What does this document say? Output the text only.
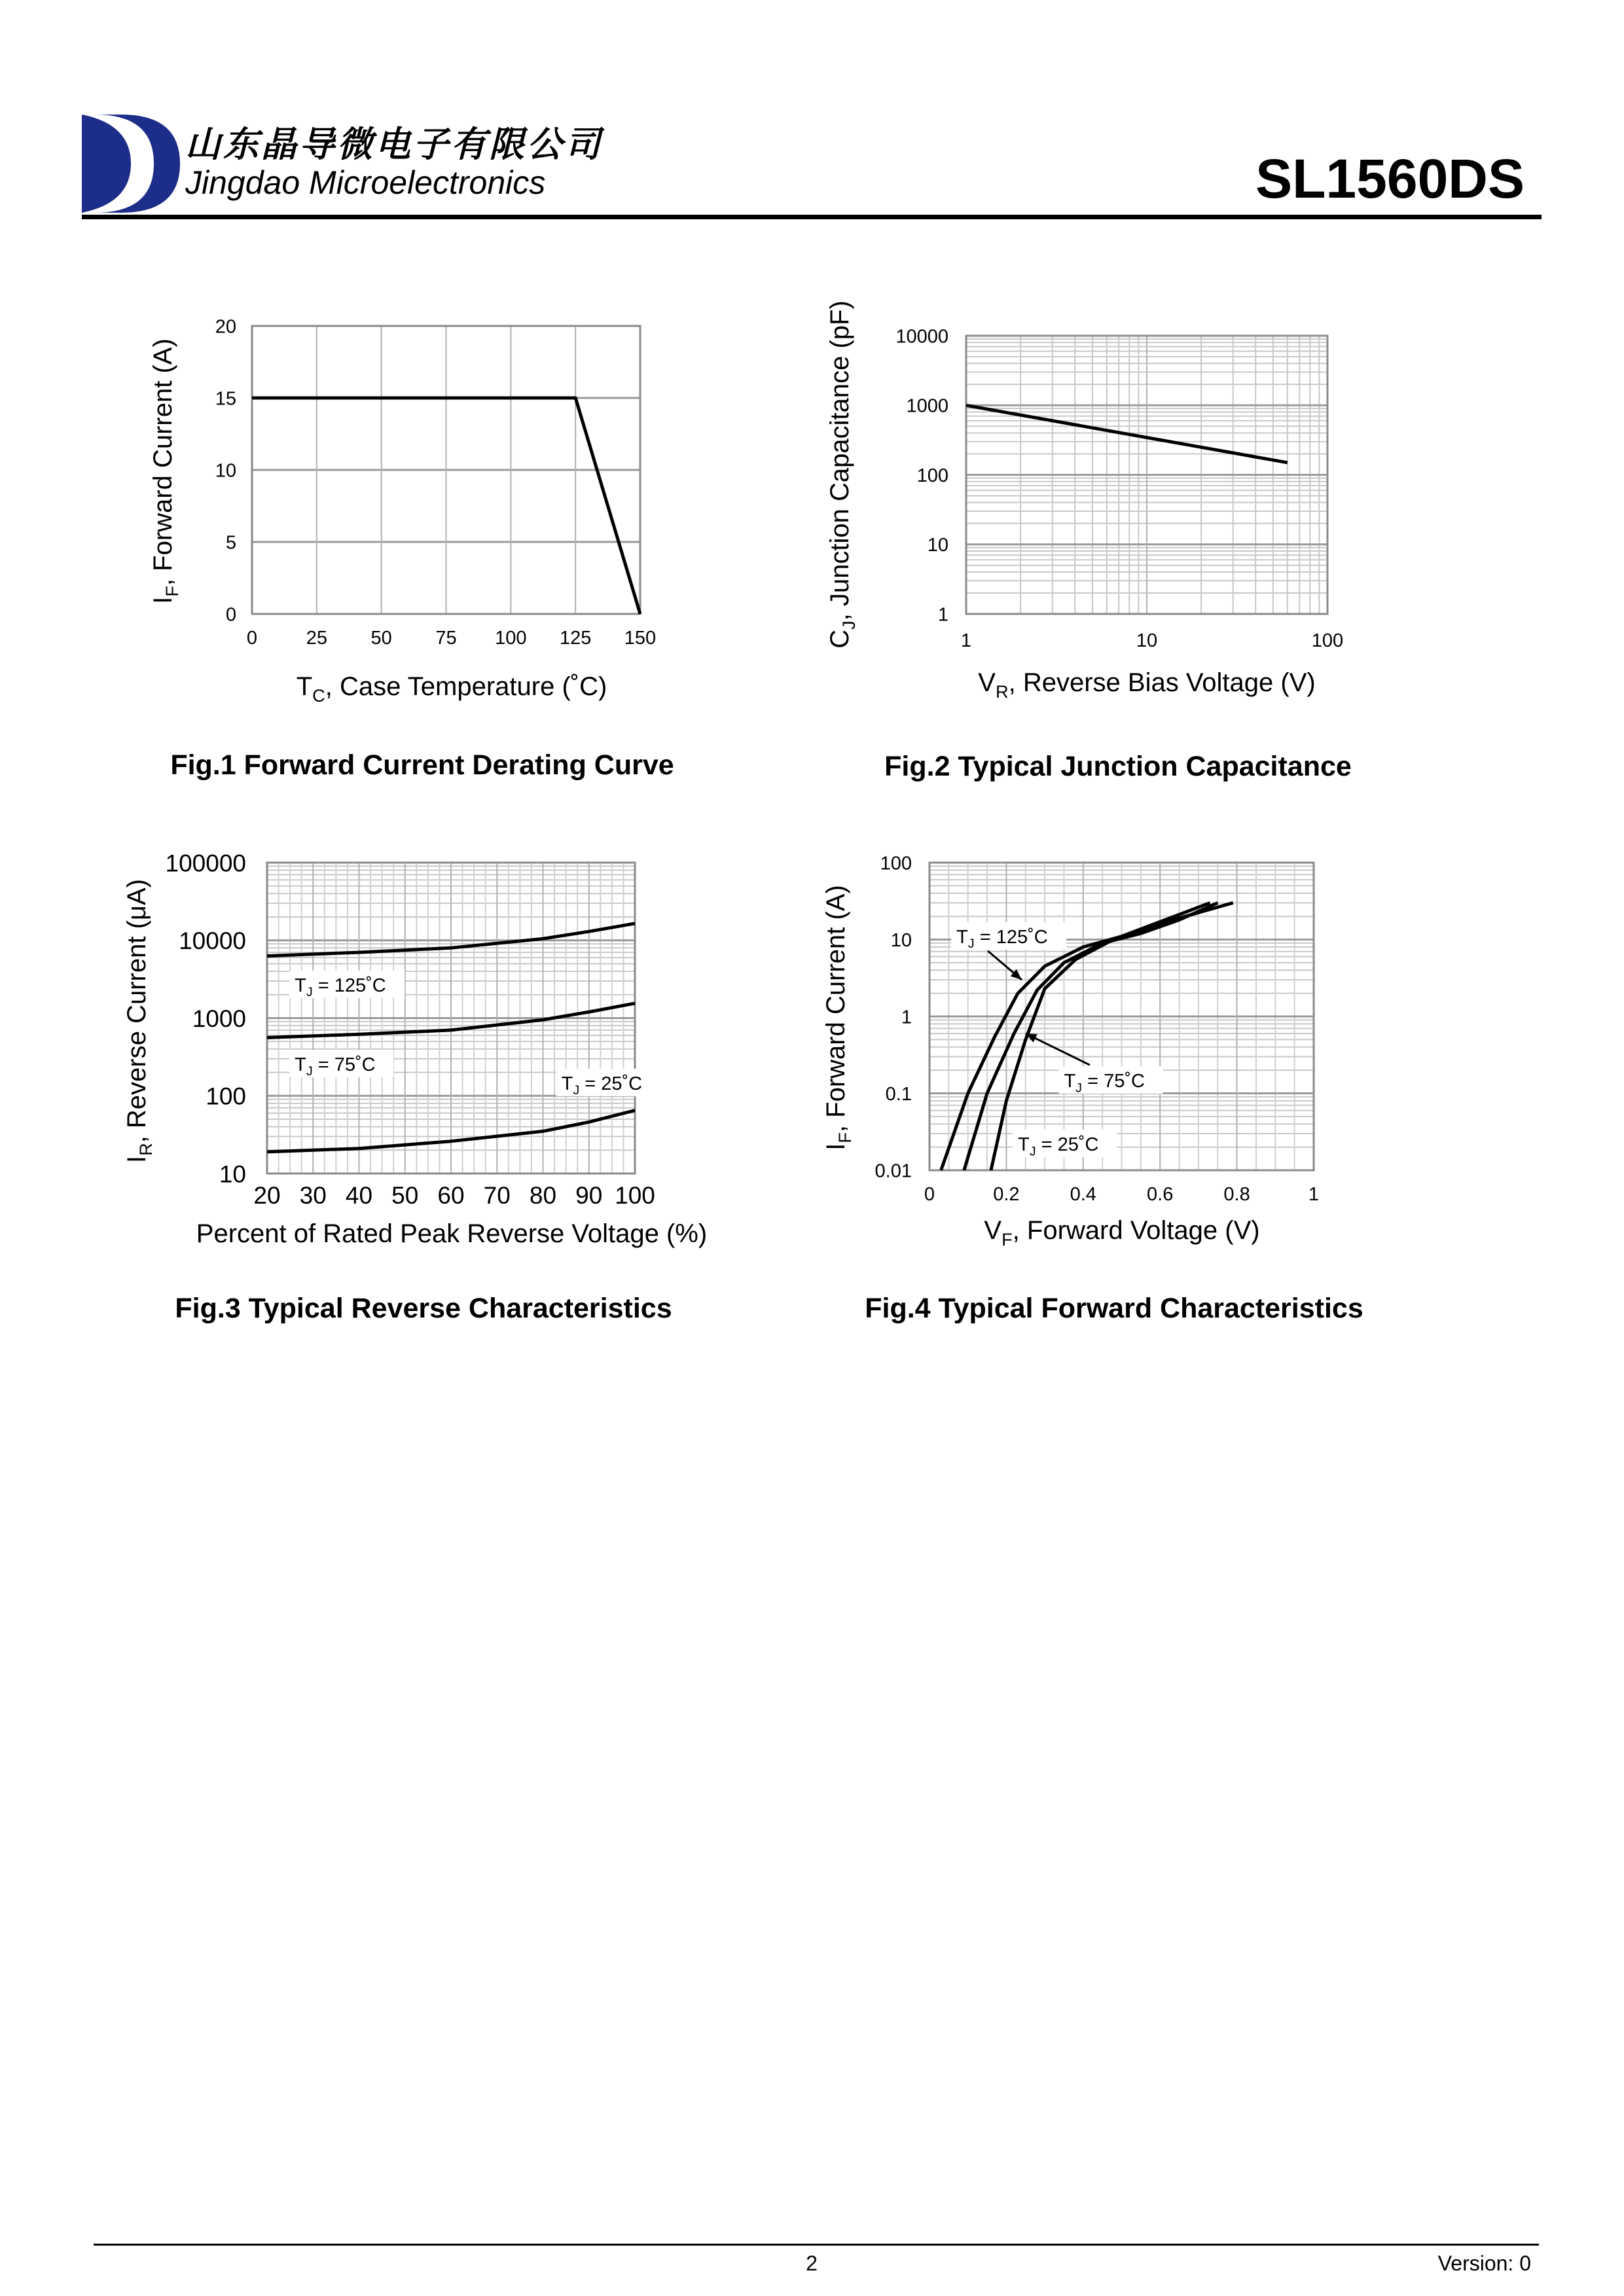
山东晶导微电子有限公司
Jingdao Microelectronics	SL1560DS
0	25 50 75 100 125 150
0
5
10
15
20
$T_C$, Case Temperature (˚C)
$I_F$, Forward Current (A)
1	10	100
1
10
100
1000
10000
$V_R$, Reverse Bias Voltage (V)
$C_J$, Junction Capacitance (pF)
20 30 40 50 60 70 80 90 100
10
100
1000
10000
100000
Percent of Rated Peak Reverse Voltage (%)
$I_R$, Reverse Current (μA)	$T_J$ = 125˚C
$T_J$ = 75˚C
$T_J$ = 25˚C
0	0.2	0.4	0.6	0.8	1
0.01
0.1
1
10
100
$V_F$, Forward Voltage (V)
$I_F$, Forward Current (A)	$T_J$ = 125˚C
$T_J$ = 75˚C
$T_J$ = 25˚C
Fig.1 Forward Current Derating Curve	Fig.2 Typical Junction Capacitance
Fig.3 Typical Reverse Characteristics	Fig.4 Typical Forward Characteristics
2	Version: 0
